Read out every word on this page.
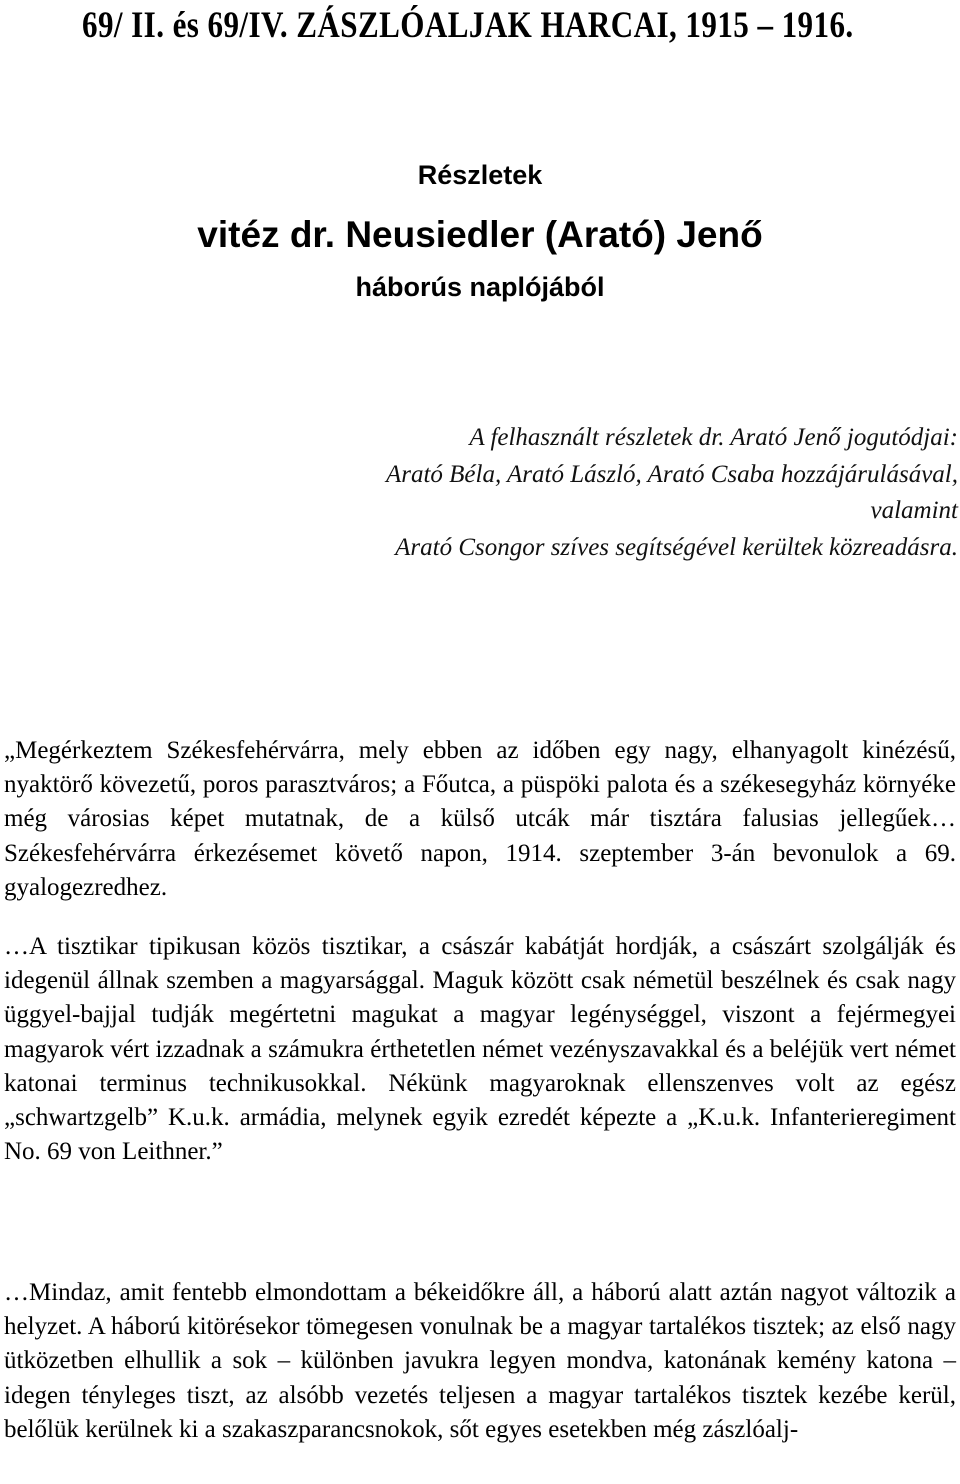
69/ II. és 69/IV. ZÁSZLÓALJAK HARCAI, 1915 – 1916.
Részletek
vitéz dr. Neusiedler (Arató) Jenő
háborús naplójából
A felhasznált részletek dr. Arató Jenő jogutódjai:
Arató Béla, Arató László, Arató Csaba hozzájárulásával,
valamint
Arató Csongor szíves segítségével kerültek közreadásra.

„Megérkeztem Székesfehérvárra, mely ebben az időben egy nagy, elhanyagolt kinézésű, nyaktörő kövezetű, poros parasztváros; a Főutca, a püspöki palota és a székesegyház környéke még városias képet mutatnak, de a külső utcák már tisztára falusias jellegűek… Székesfehérvárra érkezésemet követő napon, 1914. szeptember 3-án bevonulok a 69. gyalogezredhez.

…A tisztikar tipikusan közös tisztikar, a császár kabátját hordják, a császárt szolgálják és idegenül állnak szemben a magyarsággal. Maguk között csak németül beszélnek és csak nagy üggyel-bajjal tudják megértetni magukat a magyar legénységgel, viszont a fejérmegyei magyarok vért izzadnak a számukra érthetetlen német vezényszavakkal és a beléjük vert német katonai terminus technikusokkal. Nékünk magyaroknak ellenszenves volt az egész „schwartzgelb” K.u.k. armádia, melynek egyik ezredét képezte a „K.u.k. Infanterieregiment No. 69 von Leithner.”

…Mindaz, amit fentebb elmondottam a békeidőkre áll, a háború alatt aztán nagyot változik a helyzet. A háború kitörésekor tömegesen vonulnak be a magyar tartalékos tisztek; az első nagy ütközetben elhullik a sok – különben javukra legyen mondva, katonának kemény katona – idegen tényleges tiszt, az alsóbb vezetés teljesen a magyar tartalékos tisztek kezébe kerül, belőlük kerülnek ki a szakaszparancsnokok, sőt egyes esetekben még zászlóalj-
